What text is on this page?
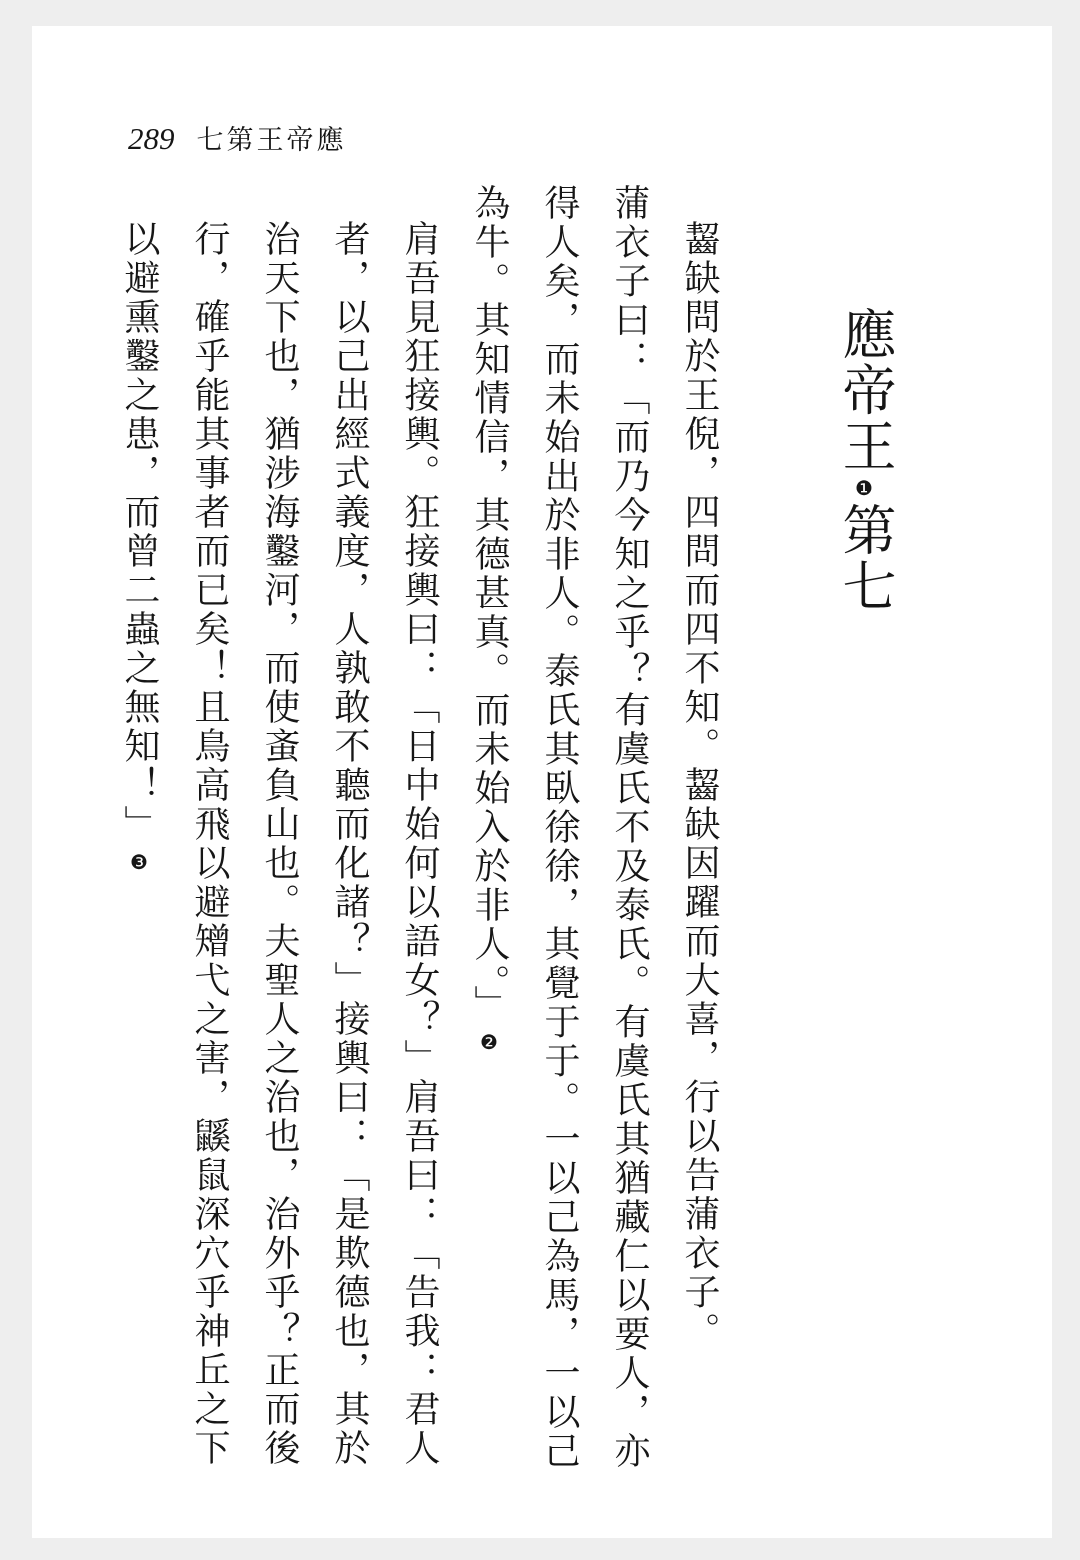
289 七第王帝應
應帝王❶第七

齧缺問於王倪，四問而四不知。齧缺因躍而大喜，行以告蒲衣子。

蒲衣子曰：「而乃今知之乎？有虞氏不及泰氏。有虞氏其猶藏仁以要人，亦得人矣，而未始出於非人。泰氏其臥徐徐，其覺于于。一以己為馬，一以己為牛。其知情信，其德甚真。而未始入於非人。」❷

肩吾見狂接輿。狂接輿曰：「日中始何以語女？」肩吾曰：「告我：君人者，以己出經式義度，人孰敢不聽而化諸？」接輿曰：「是欺德也，其於治天下也，猶涉海鑿河，而使蚉負山也。夫聖人之治也，治外乎？正而後行，確乎能其事者而已矣！且鳥高飛以避矰弋之害，鼷鼠深穴乎神丘之下以避熏鑿之患，而曾二蟲之無知！」❸
